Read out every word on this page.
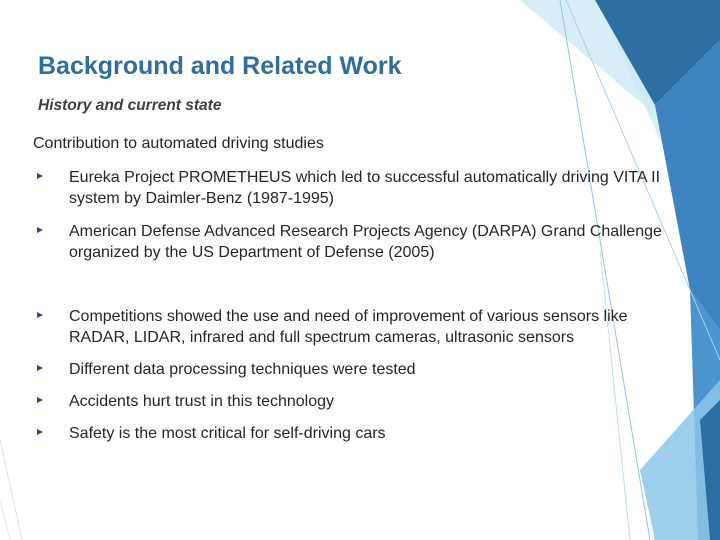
Background and Related Work
History and current state

Contribution to automated driving studies

Eureka Project PROMETHEUS which led to successful automatically driving VITA II system by Daimler-Benz (1987-1995)
American Defense Advanced Research Projects Agency (DARPA) Grand Challenge organized by the US Department of Defense (2005)
Competitions showed the use and need of improvement of various sensors like RADAR, LIDAR, infrared and full spectrum cameras, ultrasonic sensors
Different data processing techniques were tested
Accidents hurt trust in this technology
Safety is the most critical for self-driving cars
